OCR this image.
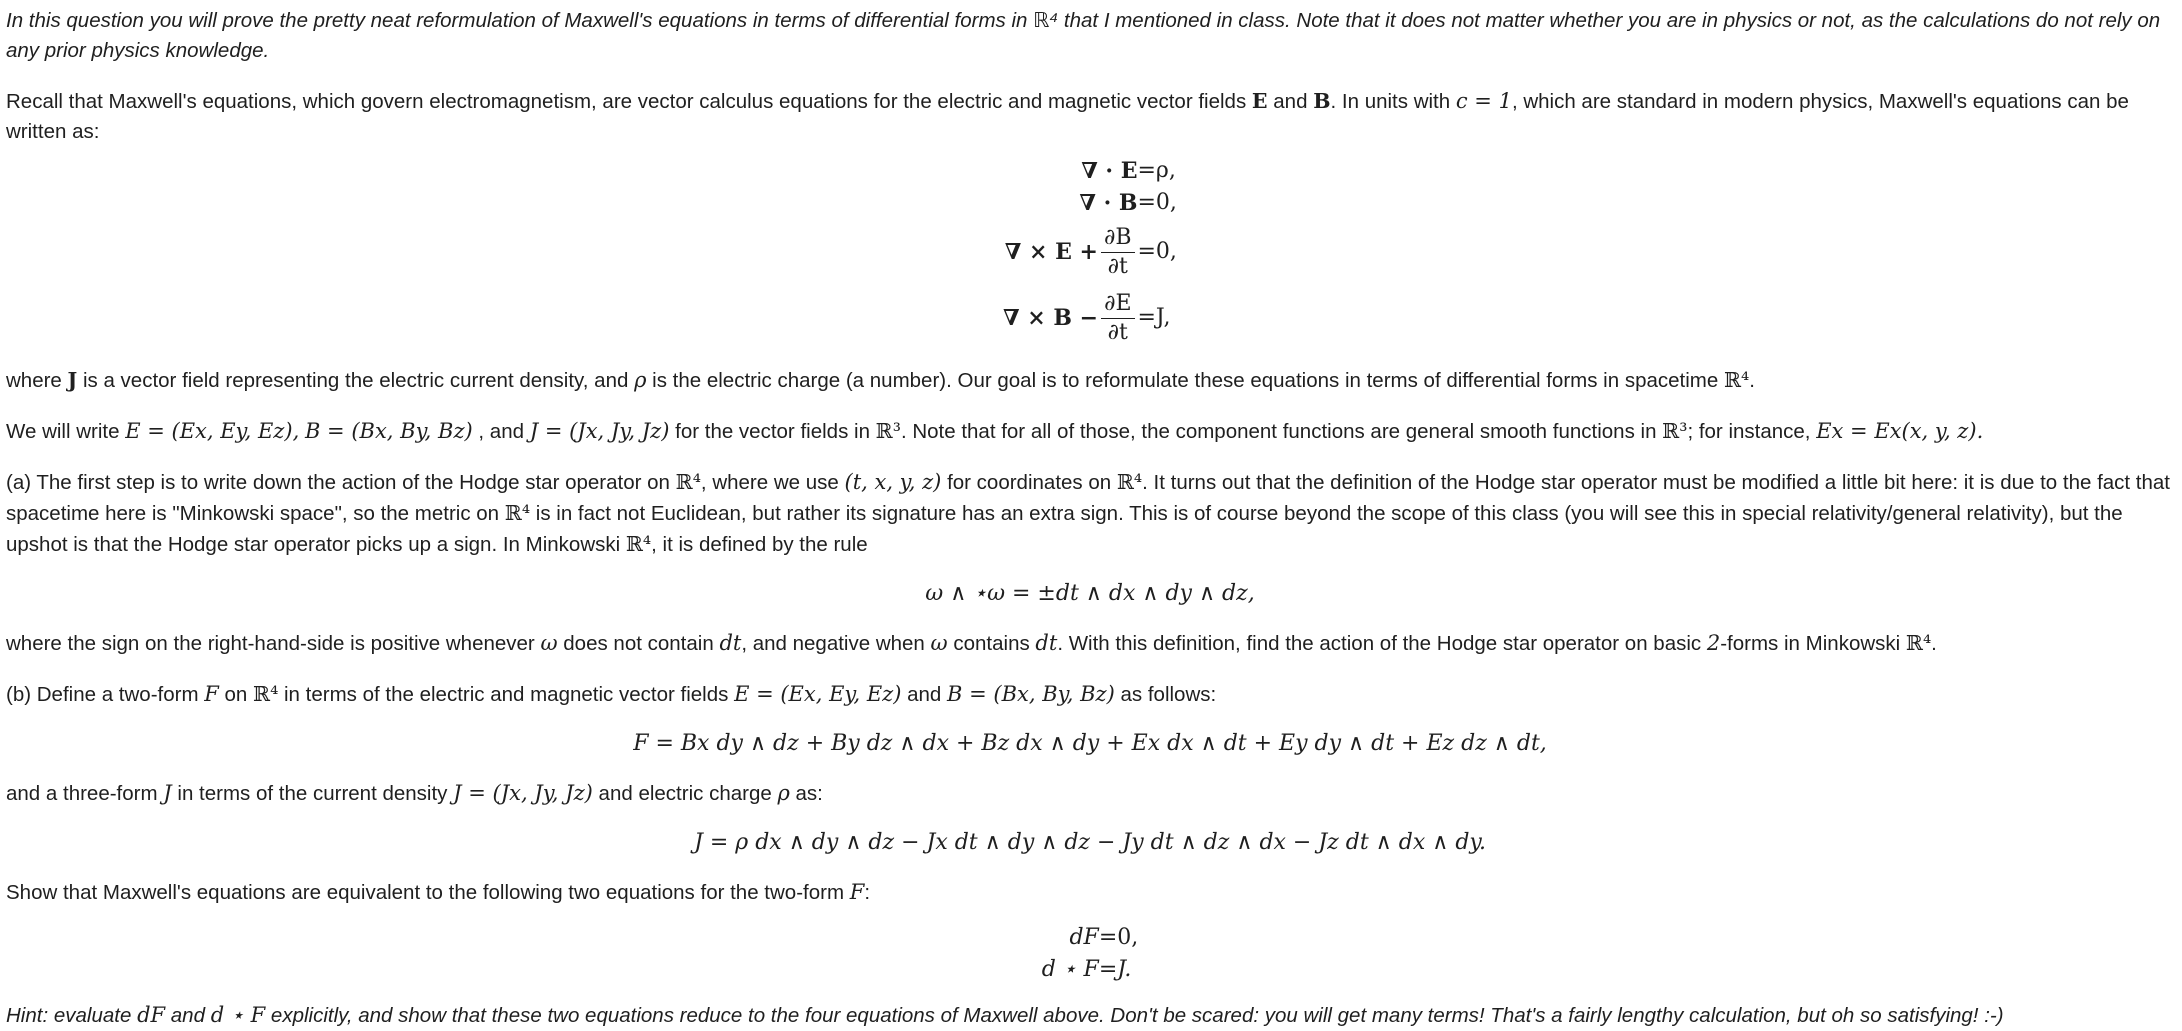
In this question you will prove the pretty neat reformulation of Maxwell's equations in terms of differential forms in ℝ⁴ that I mentioned in class. Note that it does not matter whether you are in physics or not, as the calculations do not rely on any prior physics knowledge.

Recall that Maxwell's equations, which govern electromagnetism, are vector calculus equations for the electric and magnetic vector fields E and B. In units with c = 1, which are standard in modern physics, Maxwell's equations can be written as:

∇ · E =ρ,
∇ · B =0,
∇ × $E + \frac{\partial B}{\partial t} =0$,
∇ × $B - \frac{\partial E}{\partial t} =J$,

where J is a vector field representing the electric current density, and ρ is the electric charge (a number). Our goal is to reformulate these equations in terms of differential forms in spacetime ℝ⁴.

We will write E = (Ex, Ey, Ez), B = (Bx, By, Bz) , and J = (Jx, Jy, Jz) for the vector fields in ℝ³. Note that for all of those, the component functions are general smooth functions in ℝ³; for instance, Ex = Ex(x, y, z).

(a) The first step is to write down the action of the Hodge star operator on ℝ⁴, where we use (t, x, y, z) for coordinates on ℝ⁴. It turns out that the definition of the Hodge star operator must be modified a little bit here: it is due to the fact that spacetime here is "Minkowski space", so the metric on ℝ⁴ is in fact not Euclidean, but rather its signature has an extra sign. This is of course beyond the scope of this class (you will see this in special relativity/general relativity), but the upshot is that the Hodge star operator picks up a sign. In Minkowski ℝ⁴, it is defined by the rule

ω ∧ ⋆ω = ±dt ∧ dx ∧ dy ∧ dz,

where the sign on the right-hand-side is positive whenever ω does not contain dt, and negative when ω contains dt. With this definition, find the action of the Hodge star operator on basic 2-forms in Minkowski ℝ⁴.

(b) Define a two-form F on ℝ⁴ in terms of the electric and magnetic vector fields E = (Ex, Ey, Ez) and B = (Bx, By, Bz) as follows:

F = Bx dy ∧ dz + By dz ∧ dx + Bz dx ∧ dy + Ex dx ∧ dt + Ey dy ∧ dt + Ez dz ∧ dt,

and a three-form J in terms of the current density J = (Jx, Jy, Jz) and electric charge ρ as:

J = ρ dx ∧ dy ∧ dz − Jx dt ∧ dy ∧ dz − Jy dt ∧ dz ∧ dx − Jz dt ∧ dx ∧ dy.

Show that Maxwell's equations are equivalent to the following two equations for the two-form F:

dF =0,
d ⋆ F =J.

Hint: evaluate dF and d ⋆ F explicitly, and show that these two equations reduce to the four equations of Maxwell above. Don't be scared: you will get many terms! That's a fairly lengthy calculation, but oh so satisfying! :-)
